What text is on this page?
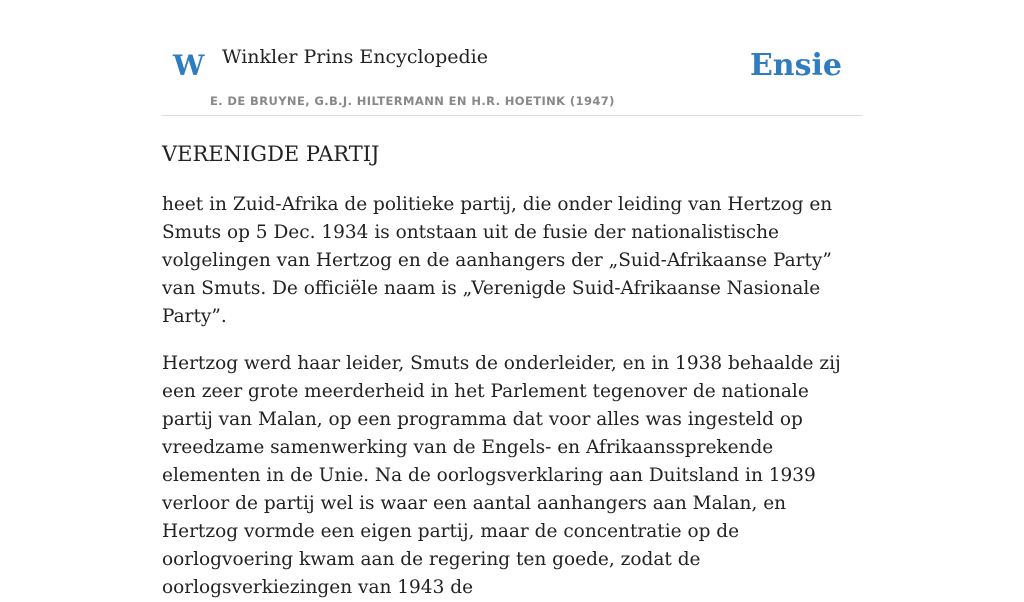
W Winkler Prins Encyclopedie
E. DE BRUYNE, G.B.J. HILTERMANN EN H.R. HOETINK (1947)
Ensie
VERENIGDE PARTIJ

heet in Zuid-Afrika de politieke partij, die onder leiding van Hertzog en Smuts op 5 Dec. 1934 is ontstaan uit de fusie der nationalistische volgelingen van Hertzog en de aanhangers der „Suid-Afrikaanse Party” van Smuts. De officiële naam is „Verenigde Suid-Afrikaanse Nasionale Party”.

Hertzog werd haar leider, Smuts de onderleider, en in 1938 behaalde zij een zeer grote meerderheid in het Parlement tegenover de nationale partij van Malan, op een programma dat voor alles was ingesteld op vreedzame samenwerking van de Engels- en Afrikaanssprekende elementen in de Unie. Na de oorlogsverklaring aan Duitsland in 1939 verloor de partij wel is waar een aantal aanhangers aan Malan, en Hertzog vormde een eigen partij, maar de concentratie op de oorlogvoering kwam aan de regering ten goede, zodat de oorlogsverkiezingen van 1943 de
